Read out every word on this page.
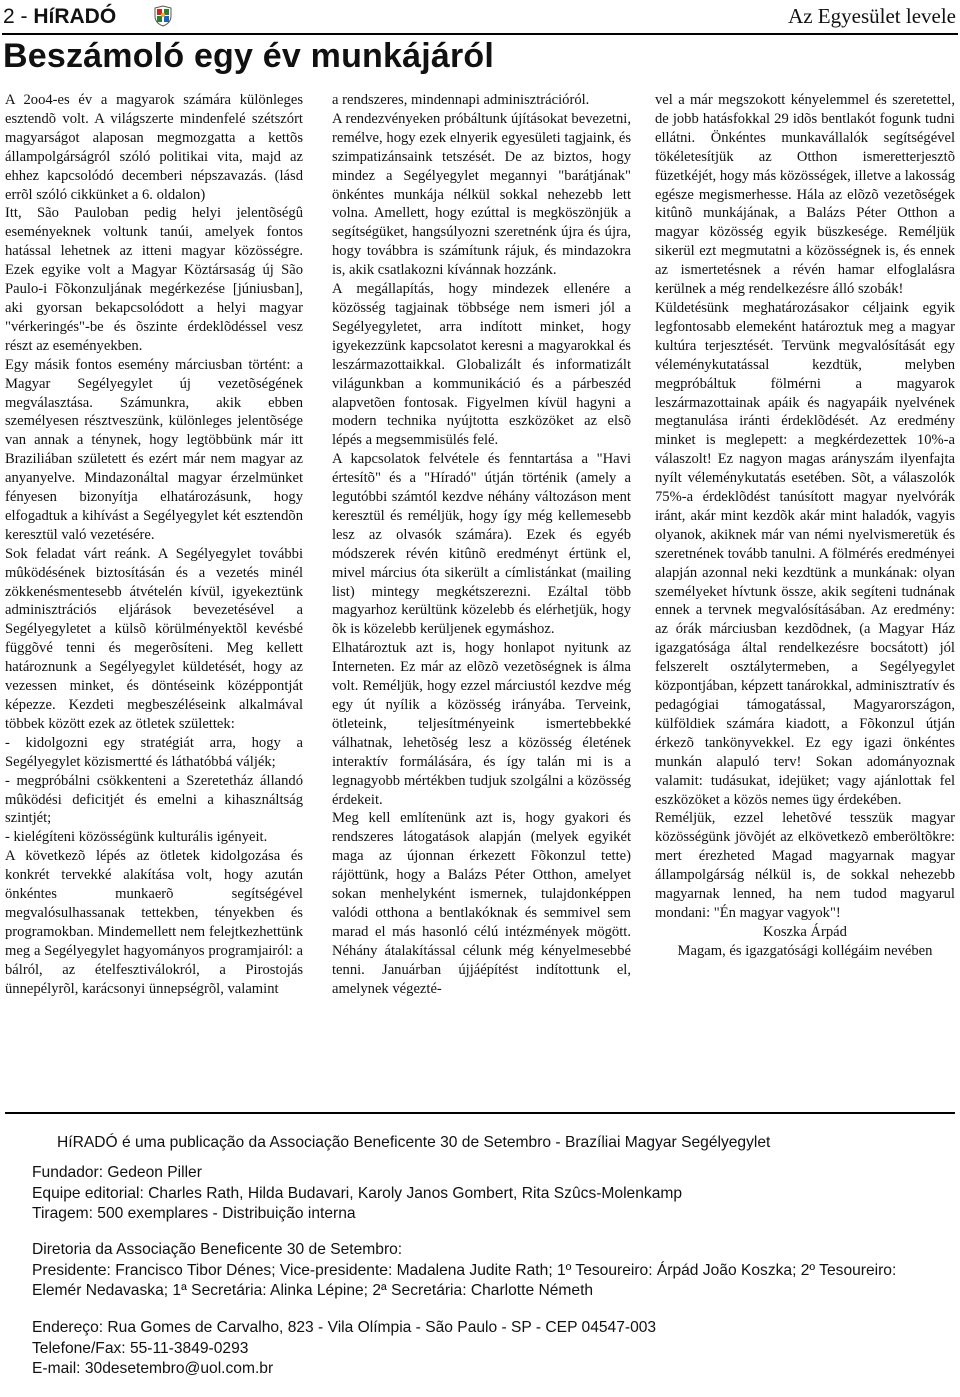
2 - HíRADÓ	Az Egyesület levele
Beszámoló egy év munkájáról

A 2oo4-es év a magyarok számára különleges esztendõ volt. A világszerte mindenfelé szétszórt magyarságot alaposan megmozgatta a kettõs állampolgárságról szóló politikai vita, majd az ehhez kapcsolódó decemberi népszavazás. (lásd errõl szóló cikkünket a 6. oldalon)

Itt, São Pauloban pedig helyi jelentõségû eseményeknek voltunk tanúi, amelyek fontos hatással lehetnek az itteni magyar közösségre. Ezek egyike volt a Magyar Köztársaság új São Paulo-i Fõkonzuljának megérkezése [júniusban], aki gyorsan bekapcsolódott a helyi magyar "vérkeringés"-be és õszinte érdeklõdéssel vesz részt az eseményekben.

Egy másik fontos esemény márciusban történt: a Magyar Segélyegylet új vezetõségének megválasztása. Számunkra, akik ebben személyesen résztveszünk, különleges jelentõsége van annak a ténynek, hogy legtöbbünk már itt Braziliában született és ezért már nem magyar az anyanyelve. Mindazonáltal magyar érzelmünket fényesen bizonyítja elhatározásunk, hogy elfogadtuk a kihívást a Segélyegylet két esztendõn keresztül való vezetésére.

Sok feladat várt reánk. A Segélyegylet további mûködésének biztosításán és a vezetés minél zökkenésmentesebb átvételén kívül, igyekeztünk adminisztrációs eljárások bevezetésével a Segélyegyletet a külsõ körülményektõl kevésbé függõvé tenni és megerõsíteni. Meg kellett határoznunk a Segélyegylet küldetését, hogy az vezessen minket, és döntéseink középpontját képezze. Kezdeti megbeszéléseink alkalmával többek között ezek az ötletek születtek:

- kidolgozni egy stratégiát arra, hogy a Segélyegylet közismertté és láthatóbbá váljék;

- megpróbálni csökkenteni a Szeretetház állandó mûködési deficitjét és emelni a kihasználtság szintjét;

- kielégíteni közösségünk kulturális igényeit.

A következõ lépés az ötletek kidolgozása és konkrét tervekké alakítása volt, hogy azután önkéntes munkaerõ segítségével megvalósulhassanak tettekben, tényekben és programokban. Mindemellett nem felejtkezhettünk meg a Segélyegylet hagyományos programjairól: a bálról, az ételfesztiválokról, a Pirostojás ünnepélyrõl, karácsonyi ünnepségrõl, valamint

a rendszeres, mindennapi adminisztrációról.

A rendezvényeken próbáltunk újításokat bevezetni, remélve, hogy ezek elnyerik egyesületi tagjaink, és szimpatizánsaink tetszését. De az biztos, hogy mindez a Segélyegylet megannyi "barátjának" önkéntes munkája nélkül sokkal nehezebb lett volna. Amellett, hogy ezúttal is megköszönjük a segítségüket, hangsúlyozni szeretnénk újra és újra, hogy továbbra is számítunk rájuk, és mindazokra is, akik csatlakozni kívánnak hozzánk.

A megállapítás, hogy mindezek ellenére a közösség tagjainak többsége nem ismeri jól a Segélyegyletet, arra indított minket, hogy igyekezzünk kapcsolatot keresni a magyarokkal és leszármazottaikkal. Globalizált és informatizált világunkban a kommunikáció és a párbeszéd alapvetõen fontosak. Figyelmen kívül hagyni a modern technika nyújtotta eszközöket az elsõ lépés a megsemmisülés felé.

A kapcsolatok felvétele és fenntartása a "Havi értesítõ" és a "Híradó" útján történik (amely a legutóbbi számtól kezdve néhány változáson ment keresztül és reméljük, hogy így még kellemesebb lesz az olvasók számára). Ezek és egyéb módszerek révén kitûnõ eredményt értünk el, mivel március óta sikerült a címlistánkat (mailing list) mintegy megkétszerezni. Ezáltal több magyarhoz kerültünk közelebb és elérhetjük, hogy õk is közelebb kerüljenek egymáshoz.

Elhatároztuk azt is, hogy honlapot nyitunk az Interneten. Ez már az elõzõ vezetõségnek is álma volt. Reméljük, hogy ezzel márciustól kezdve még egy út nyílik a közösség irányába. Terveink, ötleteink, teljesítményeink ismertebbekké válhatnak, lehetõség lesz a közösség életének interaktív formálására, és így talán mi is a legnagyobb mértékben tudjuk szolgálni a közösség érdekeit.

Meg kell említenünk azt is, hogy gyakori és rendszeres látogatások alapján (melyek egyikét maga az újonnan érkezett Fõkonzul tette) rájöttünk, hogy a Balázs Péter Otthon, amelyet sokan menhelyként ismernek, tulajdonképpen valódi otthona a bentlakóknak és semmivel sem marad el más hasonló célú intézmények mögött. Néhány átalakítással célunk még kényelmesebbé tenni. Januárban újjáépítést indítottunk el, amelynek végezté-

vel a már megszokott kényelemmel és szeretettel, de jobb hatásfokkal 29 idõs bentlakót fogunk tudni ellátni. Önkéntes munkavállalók segítségével tökéletesítjük az Otthon ismeretterjesztõ füzetkéjét, hogy más közösségek, illetve a lakosság egésze megismerhesse. Hála az elõzõ vezetõségek kitûnõ munkájának, a Balázs Péter Otthon a magyar közösség egyik büszkesége. Reméljük sikerül ezt megmutatni a közösségnek is, és ennek az ismertetésnek a révén hamar elfoglalásra kerülnek a még rendelkezésre álló szobák!

Küldetésünk meghatározásakor céljaink egyik legfontosabb elemeként határoztuk meg a magyar kultúra terjesztését. Tervünk megvalósítását egy véleménykutatással kezdtük, melyben megpróbáltuk fölmérni a magyarok leszármazottainak apáik és nagyapáik nyelvének megtanulása iránti érdeklõdését. Az eredmény minket is meglepett: a megkérdezettek 10%-a válaszolt! Ez nagyon magas arányszám ilyenfajta nyílt véleménykutatás esetében. Sõt, a válaszolók 75%-a érdeklõdést tanúsított magyar nyelvórák iránt, akár mint kezdõk akár mint haladók, vagyis olyanok, akiknek már van némi nyelvismeretük és szeretnének tovább tanulni. A fölmérés eredményei alapján azonnal neki kezdtünk a munkának: olyan személyeket hívtunk össze, akik segíteni tudnának ennek a tervnek megvalósításában. Az eredmény: az órák márciusban kezdõdnek, (a Magyar Ház igazgatósága által rendelkezésre bocsátott) jól felszerelt osztálytermeben, a Segélyegylet központjában, képzett tanárokkal, adminisztratív és pedagógiai támogatással, Magyarországon, külföldiek számára kiadott, a Fõkonzul útján érkezõ tankönyvekkel. Ez egy igazi önkéntes munkán alapuló terv! Sokan adományoznak valamit: tudásukat, idejüket; vagy ajánlottak fel eszközöket a közös nemes ügy érdekében.

Reméljük, ezzel lehetõvé tesszük magyar közösségünk jövõjét az elkövetkezõ emberöltõkre: mert érezheted Magad magyarnak magyar állampolgárság nélkül is, de sokkal nehezebb magyarnak lenned, ha nem tudod magyarul mondani: "Én magyar vagyok"!

Koszka Árpád

Magam, és igazgatósági kollégáim nevében

HíRADÓ é uma publicação da Associação Beneficente 30 de Setembro - Brazíliai Magyar Segélyegylet

Fundador: Gedeon Piller

Equipe editorial: Charles Rath, Hilda Budavari, Karoly Janos Gombert, Rita Szûcs-Molenkamp

Tiragem: 500 exemplares - Distribuição interna

Diretoria da Associação Beneficente 30 de Setembro:

Presidente: Francisco Tibor Dénes; Vice-presidente: Madalena Judite Rath; 1º Tesoureiro: Árpád João Koszka; 2º Tesoureiro: Elemér Nedavaska; 1ª Secretária: Alinka Lépine; 2ª Secretária: Charlotte Németh

Endereço: Rua Gomes de Carvalho, 823 - Vila Olímpia - São Paulo - SP - CEP 04547-003

Telefone/Fax: 55-11-3849-0293

E-mail: 30desetembro@uol.com.br
